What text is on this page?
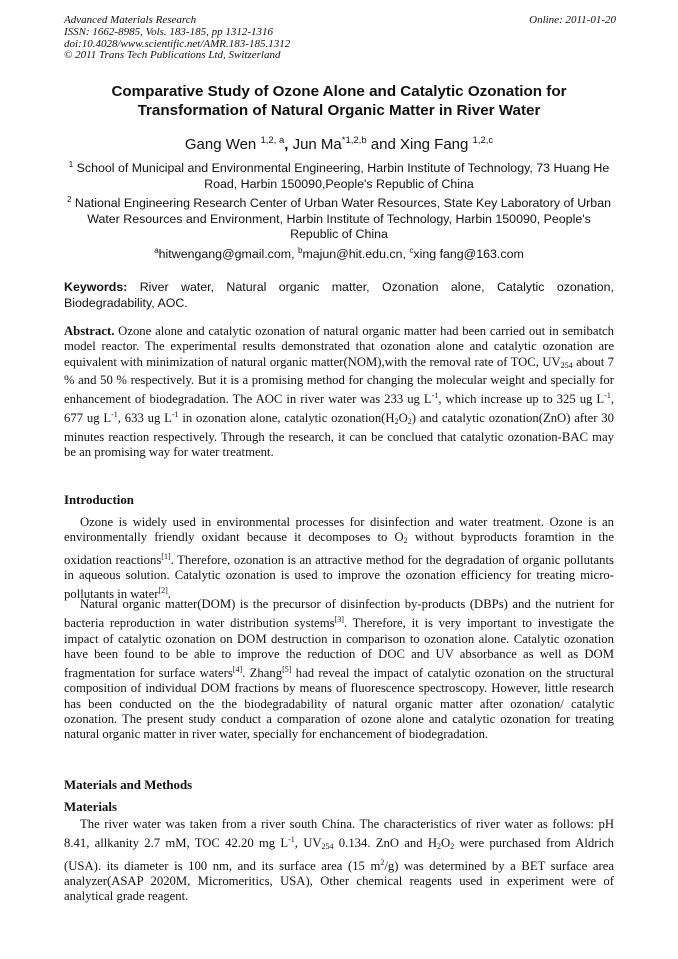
Advanced Materials Research
ISSN: 1662-8985, Vols. 183-185, pp 1312-1316
doi:10.4028/www.scientific.net/AMR.183-185.1312
© 2011 Trans Tech Publications Ltd, Switzerland
Online: 2011-01-20
Comparative Study of Ozone Alone and Catalytic Ozonation for
Transformation of Natural Organic Matter in River Water
Gang Wen $^{1,2, a}$, Jun Ma$^{*1,2,b}$ and Xing Fang $^{1,2,c}$
$^1$ School of Municipal and Environmental Engineering, Harbin Institute of Technology, 73 Huang He Road, Harbin 150090,People's Republic of China
$^2$ National Engineering Research Center of Urban Water Resources, State Key Laboratory of Urban Water Resources and Environment, Harbin Institute of Technology, Harbin 150090, People's Republic of China
$^a$hitwengang@gmail.com, $^b$majun@hit.edu.cn, $^c$xing fang@163.com
Keywords: River water, Natural organic matter, Ozonation alone, Catalytic ozonation, Biodegradability, AOC.
Abstract. Ozone alone and catalytic ozonation of natural organic matter had been carried out in semibatch model reactor. The experimental results demonstrated that ozonation alone and catalytic ozonation are equivalent with minimization of natural organic matter(NOM),with the removal rate of TOC, $UV_{254}$ about 7 % and 50 % respectively. But it is a promising method for changing the molecular weight and specially for enhancement of biodegradation. The AOC in river water was 233 ug $L^{-1}$, which increase up to 325 ug $L^{-1}$, 677 ug $L^{-1}$, 633 ug $L^{-1}$ in ozonation alone, catalytic $ozonation(H_2O_2)$ and catalytic ozonation(ZnO) after 30 minutes reaction respectively. Through the research, it can be conclued that catalytic ozonation-BAC may be an promising way for water treatment.
Introduction
Ozone is widely used in environmental processes for disinfection and water treatment. Ozone is an environmentally friendly oxidant because it decomposes to $O_2$ without byproducts foramtion in the oxidation reactions[1]. Therefore, ozonation is an attractive method for the degradation of organic pollutants in aqueous solution. Catalytic ozonation is used to improve the ozonation efficiency for treating micro-pollutants in water[2].
Natural organic matter(DOM) is the precursor of disinfection by-products (DBPs) and the nutrient for bacteria reproduction in water distribution systems[3]. Therefore, it is very important to investigate the impact of catalytic ozonation on DOM destruction in comparison to ozonation alone. Catalytic ozonation have been found to be able to improve the reduction of DOC and UV absorbance as well as DOM fragmentation for surface waters[4]. Zhang[5] had reveal the impact of catalytic ozonation on the structural composition of individual DOM fractions by means of fluorescence spectroscopy. However, little research has been conducted on the the biodegradability of natural organic matter after ozonation/ catalytic ozonation. The present study conduct a comparation of ozone alone and catalytic ozonation for treating natural organic matter in river water, specially for enchancement of biodegradation.
Materials and Methods
Materials
The river water was taken from a river south China. The characteristics of river water as follows: pH 8.41, allkanity 2.7 mM, TOC 42.20 mg $L^{-1}$, $UV_{254}$ 0.134. ZnO and $H_2O_2$ were purchased from Aldrich (USA). its diameter is 100 nm, and its surface area (15 $m^2/g$) was determined by a BET surface area analyzer(ASAP 2020M, Micromeritics, USA), Other chemical reagents used in experiment were of analytical grade reagent.
